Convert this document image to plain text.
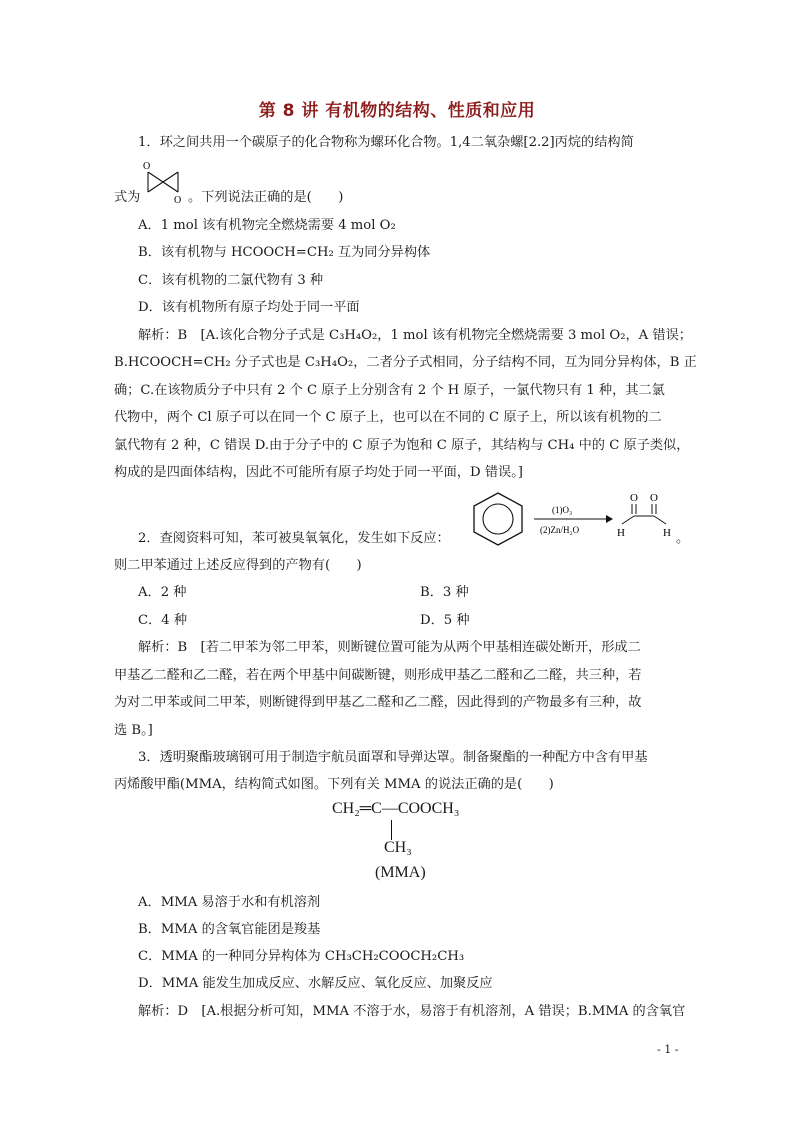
第 8 讲 有机物的结构、性质和应用
1．环之间共用一个碳原子的化合物称为螺环化合物。1,4二氧杂螺[2.2]丙烷的结构简
式为
O
O 。下列说法正确的是(　　)
A．1 mol 该有机物完全燃烧需要 4 mol O₂
B．该有机物与 HCOOCH=CH₂ 互为同分异构体
C．该有机物的二氯代物有 3 种
D．该有机物所有原子均处于同一平面
解析：B　[A.该化合物分子式是 C₃H₄O₂，1 mol 该有机物完全燃烧需要 3 mol O₂，A 错误；
B.HCOOCH=CH₂ 分子式也是 C₃H₄O₂，二者分子式相同，分子结构不同，互为同分异构体，B 正
确；C.在该物质分子中只有 2 个 C 原子上分别含有 2 个 H 原子，一氯代物只有 1 种，其二氯
代物中，两个 Cl 原子可以在同一个 C 原子上，也可以在不同的 C 原子上，所以该有机物的二
氯代物有 2 种，C 错误 D.由于分子中的 C 原子为饱和 C 原子，其结构与 CH₄ 中的 C 原子类似，
构成的是四面体结构，因此不可能所有原子均处于同一平面，D 错误。]
2．查阅资料可知，苯可被臭氧氧化，发生如下反应：
(1)O₃
(2)Zn/H₂O
O O
H	H 。
则二甲苯通过上述反应得到的产物有(　　)
A．2 种	B．3 种
C．4 种	D．5 种
解析：B　[若二甲苯为邻二甲苯，则断键位置可能为从两个甲基相连碳处断开，形成二
甲基乙二醛和乙二醛，若在两个甲基中间碳断键，则形成甲基乙二醛和乙二醛，共三种，若
为对二甲苯或间二甲苯，则断键得到甲基乙二醛和乙二醛，因此得到的产物最多有三种，故
选 B。]
3．透明聚酯玻璃钢可用于制造宇航员面罩和导弹达罩。制备聚酯的一种配方中含有甲基
丙烯酸甲酯(MMA，结构简式如图。下列有关 MMA 的说法正确的是(　　)
CH₂═C—COOCH₃
CH₃
(MMA)
A．MMA 易溶于水和有机溶剂
B．MMA 的含氧官能团是羧基
C．MMA 的一种同分异构体为 CH₃CH₂COOCH₂CH₃
D．MMA 能发生加成反应、水解反应、氧化反应、加聚反应
解析：D　[A.根据分析可知，MMA 不溶于水，易溶于有机溶剂，A 错误；B.MMA 的含氧官
- 1 -
